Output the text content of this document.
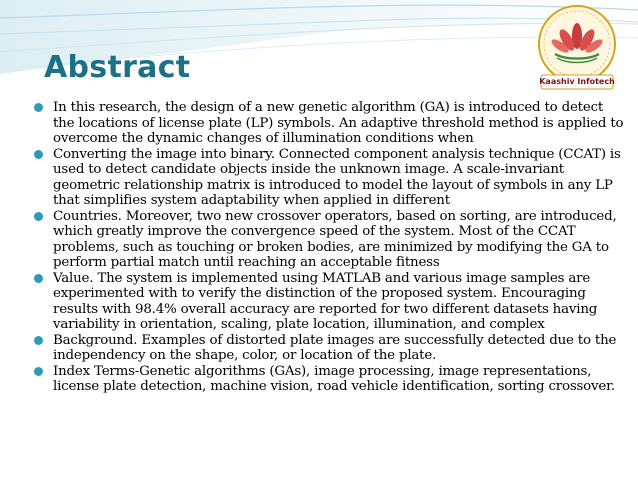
Abstract	Kaashiv Infotech
In this research, the design of a new genetic algorithm (GA) is introduced to detect the locations of license plate (LP) symbols. An adaptive threshold method is applied to overcome the dynamic changes of illumination conditions when
Converting the image into binary. Connected component analysis technique (CCAT) is used to detect candidate objects inside the unknown image. A scale-invariant geometric relationship matrix is introduced to model the layout of symbols in any LP that simplifies system adaptability when applied in different
Countries. Moreover, two new crossover operators, based on sorting, are introduced, which greatly improve the convergence speed of the system. Most of the CCAT problems, such as touching or broken bodies, are minimized by modifying the GA to perform partial match until reaching an acceptable fitness
Value. The system is implemented using MATLAB and various image samples are experimented with to verify the distinction of the proposed system. Encouraging results with 98.4% overall accuracy are reported for two different datasets having variability in orientation, scaling, plate location, illumination, and complex
Background. Examples of distorted plate images are successfully detected due to the independency on the shape, color, or location of the plate.
Index Terms-Genetic algorithms (GAs), image processing, image representations, license plate detection, machine vision, road vehicle identification, sorting crossover.
